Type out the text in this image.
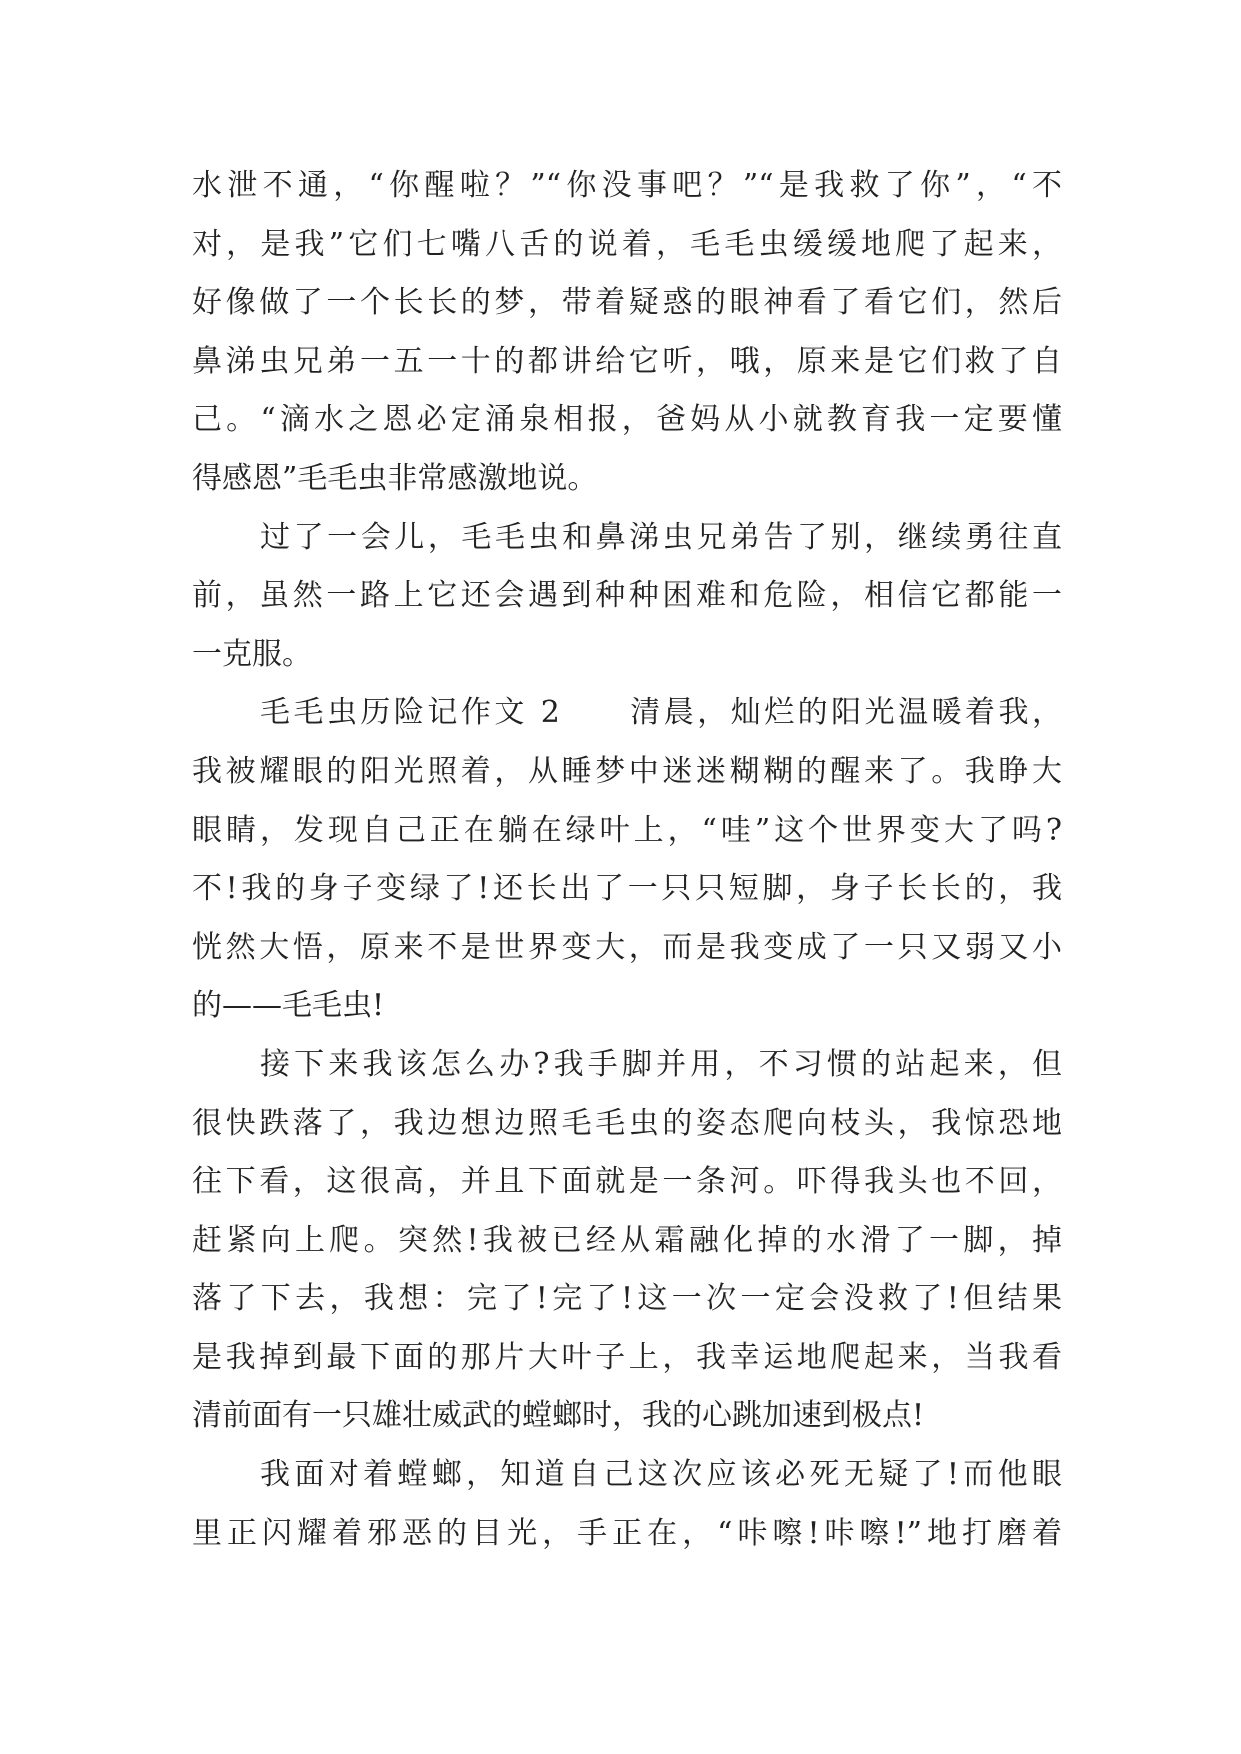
水泄不通，“你醒啦？”“你没事吧？”“是我救了你”，“不
对，是我”它们七嘴八舌的说着，毛毛虫缓缓地爬了起来，
好像做了一个长长的梦，带着疑惑的眼神看了看它们，然后
鼻涕虫兄弟一五一十的都讲给它听，哦，原来是它们救了自
己。“滴水之恩必定涌泉相报，爸妈从小就教育我一定要懂
得感恩”毛毛虫非常感激地说。
过了一会儿，毛毛虫和鼻涕虫兄弟告了别，继续勇往直
前，虽然一路上它还会遇到种种困难和危险，相信它都能一
一克服。
毛毛虫历险记作文 2　　清晨，灿烂的阳光温暖着我，
我被耀眼的阳光照着，从睡梦中迷迷糊糊的醒来了。我睁大
眼睛，发现自己正在躺在绿叶上，“哇”这个世界变大了吗?
不!我的身子变绿了!还长出了一只只短脚，身子长长的，我
恍然大悟，原来不是世界变大，而是我变成了一只又弱又小
的——毛毛虫!
接下来我该怎么办?我手脚并用，不习惯的站起来，但
很快跌落了，我边想边照毛毛虫的姿态爬向枝头，我惊恐地
往下看，这很高，并且下面就是一条河。吓得我头也不回，
赶紧向上爬。突然!我被已经从霜融化掉的水滑了一脚，掉
落了下去，我想：完了!完了!这一次一定会没救了!但结果
是我掉到最下面的那片大叶子上，我幸运地爬起来，当我看
清前面有一只雄壮威武的螳螂时，我的心跳加速到极点!
我面对着螳螂，知道自己这次应该必死无疑了!而他眼
里正闪耀着邪恶的目光，手正在，“咔嚓!咔嚓!”地打磨着
